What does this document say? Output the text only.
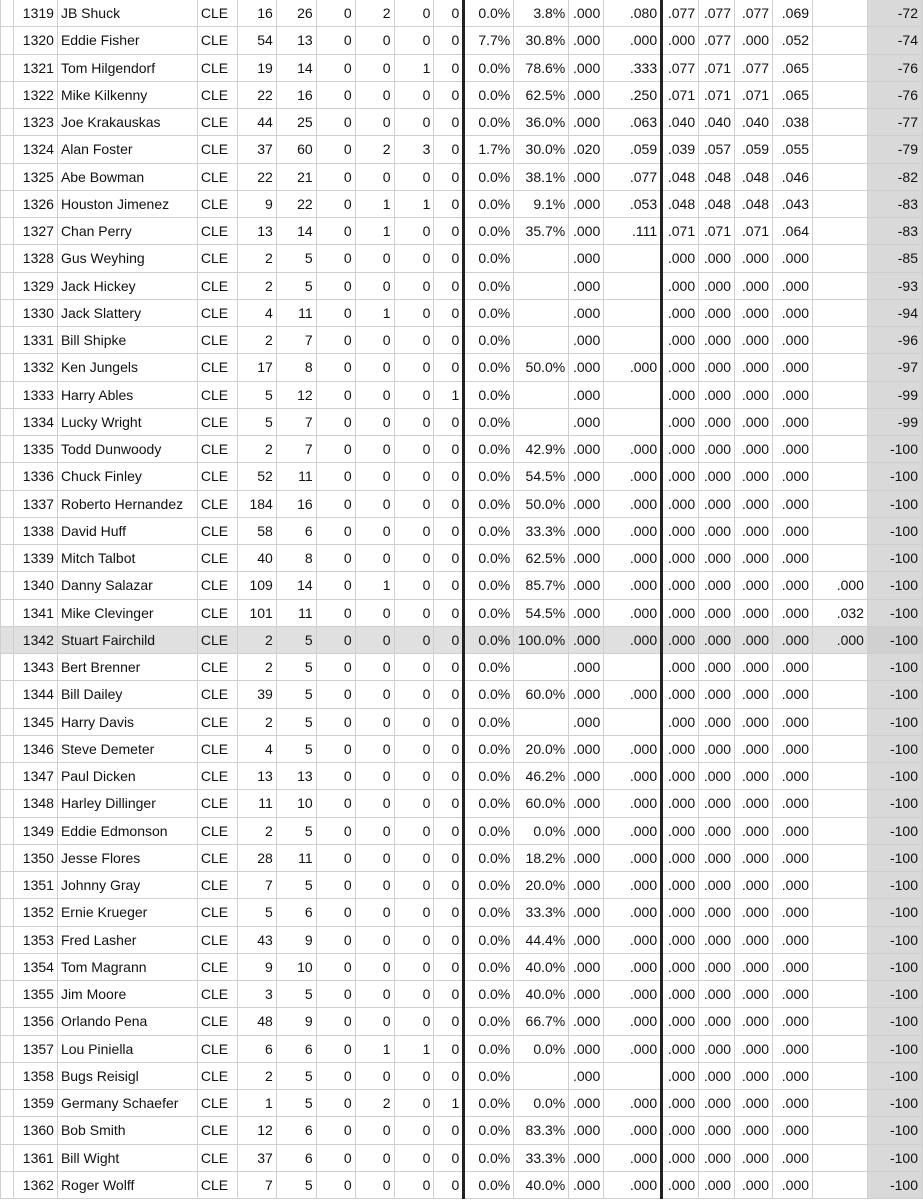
	1319	JB Shuck	CLE	16	26	0	2	0	0	0.0%	3.8%	.000	.080	.077	.077	.077	.069		-72
	1320	Eddie Fisher	CLE	54	13	0	0	0	0	7.7%	30.8%	.000	.000	.000	.077	.000	.052		-74
	1321	Tom Hilgendorf	CLE	19	14	0	0	1	0	0.0%	78.6%	.000	.333	.077	.071	.077	.065		-76
	1322	Mike Kilkenny	CLE	22	16	0	0	0	0	0.0%	62.5%	.000	.250	.071	.071	.071	.065		-76
	1323	Joe Krakauskas	CLE	44	25	0	0	0	0	0.0%	36.0%	.000	.063	.040	.040	.040	.038		-77
	1324	Alan Foster	CLE	37	60	0	2	3	0	1.7%	30.0%	.020	.059	.039	.057	.059	.055		-79
	1325	Abe Bowman	CLE	22	21	0	0	0	0	0.0%	38.1%	.000	.077	.048	.048	.048	.046		-82
	1326	Houston Jimenez	CLE	9	22	0	1	1	0	0.0%	9.1%	.000	.053	.048	.048	.048	.043		-83
	1327	Chan Perry	CLE	13	14	0	1	0	0	0.0%	35.7%	.000	.111	.071	.071	.071	.064		-83
	1328	Gus Weyhing	CLE	2	5	0	0	0	0	0.0%		.000		.000	.000	.000	.000		-85
	1329	Jack Hickey	CLE	2	5	0	0	0	0	0.0%		.000		.000	.000	.000	.000		-93
	1330	Jack Slattery	CLE	4	11	0	1	0	0	0.0%		.000		.000	.000	.000	.000		-94
	1331	Bill Shipke	CLE	2	7	0	0	0	0	0.0%		.000		.000	.000	.000	.000		-96
	1332	Ken Jungels	CLE	17	8	0	0	0	0	0.0%	50.0%	.000	.000	.000	.000	.000	.000		-97
	1333	Harry Ables	CLE	5	12	0	0	0	1	0.0%		.000		.000	.000	.000	.000		-99
	1334	Lucky Wright	CLE	5	7	0	0	0	0	0.0%		.000		.000	.000	.000	.000		-99
	1335	Todd Dunwoody	CLE	2	7	0	0	0	0	0.0%	42.9%	.000	.000	.000	.000	.000	.000		-100
	1336	Chuck Finley	CLE	52	11	0	0	0	0	0.0%	54.5%	.000	.000	.000	.000	.000	.000		-100
	1337	Roberto Hernandez	CLE	184	16	0	0	0	0	0.0%	50.0%	.000	.000	.000	.000	.000	.000		-100
	1338	David Huff	CLE	58	6	0	0	0	0	0.0%	33.3%	.000	.000	.000	.000	.000	.000		-100
	1339	Mitch Talbot	CLE	40	8	0	0	0	0	0.0%	62.5%	.000	.000	.000	.000	.000	.000		-100
	1340	Danny Salazar	CLE	109	14	0	1	0	0	0.0%	85.7%	.000	.000	.000	.000	.000	.000	.000	-100
	1341	Mike Clevinger	CLE	101	11	0	0	0	0	0.0%	54.5%	.000	.000	.000	.000	.000	.000	.032	-100
	1342	Stuart Fairchild	CLE	2	5	0	0	0	0	0.0%	100.0%	.000	.000	.000	.000	.000	.000	.000	-100
	1343	Bert Brenner	CLE	2	5	0	0	0	0	0.0%		.000		.000	.000	.000	.000		-100
	1344	Bill Dailey	CLE	39	5	0	0	0	0	0.0%	60.0%	.000	.000	.000	.000	.000	.000		-100
	1345	Harry Davis	CLE	2	5	0	0	0	0	0.0%		.000		.000	.000	.000	.000		-100
	1346	Steve Demeter	CLE	4	5	0	0	0	0	0.0%	20.0%	.000	.000	.000	.000	.000	.000		-100
	1347	Paul Dicken	CLE	13	13	0	0	0	0	0.0%	46.2%	.000	.000	.000	.000	.000	.000		-100
	1348	Harley Dillinger	CLE	11	10	0	0	0	0	0.0%	60.0%	.000	.000	.000	.000	.000	.000		-100
	1349	Eddie Edmonson	CLE	2	5	0	0	0	0	0.0%	0.0%	.000	.000	.000	.000	.000	.000		-100
	1350	Jesse Flores	CLE	28	11	0	0	0	0	0.0%	18.2%	.000	.000	.000	.000	.000	.000		-100
	1351	Johnny Gray	CLE	7	5	0	0	0	0	0.0%	20.0%	.000	.000	.000	.000	.000	.000		-100
	1352	Ernie Krueger	CLE	5	6	0	0	0	0	0.0%	33.3%	.000	.000	.000	.000	.000	.000		-100
	1353	Fred Lasher	CLE	43	9	0	0	0	0	0.0%	44.4%	.000	.000	.000	.000	.000	.000		-100
	1354	Tom Magrann	CLE	9	10	0	0	0	0	0.0%	40.0%	.000	.000	.000	.000	.000	.000		-100
	1355	Jim Moore	CLE	3	5	0	0	0	0	0.0%	40.0%	.000	.000	.000	.000	.000	.000		-100
	1356	Orlando Pena	CLE	48	9	0	0	0	0	0.0%	66.7%	.000	.000	.000	.000	.000	.000		-100
	1357	Lou Piniella	CLE	6	6	0	1	1	0	0.0%	0.0%	.000	.000	.000	.000	.000	.000		-100
	1358	Bugs Reisigl	CLE	2	5	0	0	0	0	0.0%		.000		.000	.000	.000	.000		-100
	1359	Germany Schaefer	CLE	1	5	0	2	0	1	0.0%	0.0%	.000	.000	.000	.000	.000	.000		-100
	1360	Bob Smith	CLE	12	6	0	0	0	0	0.0%	83.3%	.000	.000	.000	.000	.000	.000		-100
	1361	Bill Wight	CLE	37	6	0	0	0	0	0.0%	33.3%	.000	.000	.000	.000	.000	.000		-100
	1362	Roger Wolff	CLE	7	5	0	0	0	0	0.0%	40.0%	.000	.000	.000	.000	.000	.000		-100
